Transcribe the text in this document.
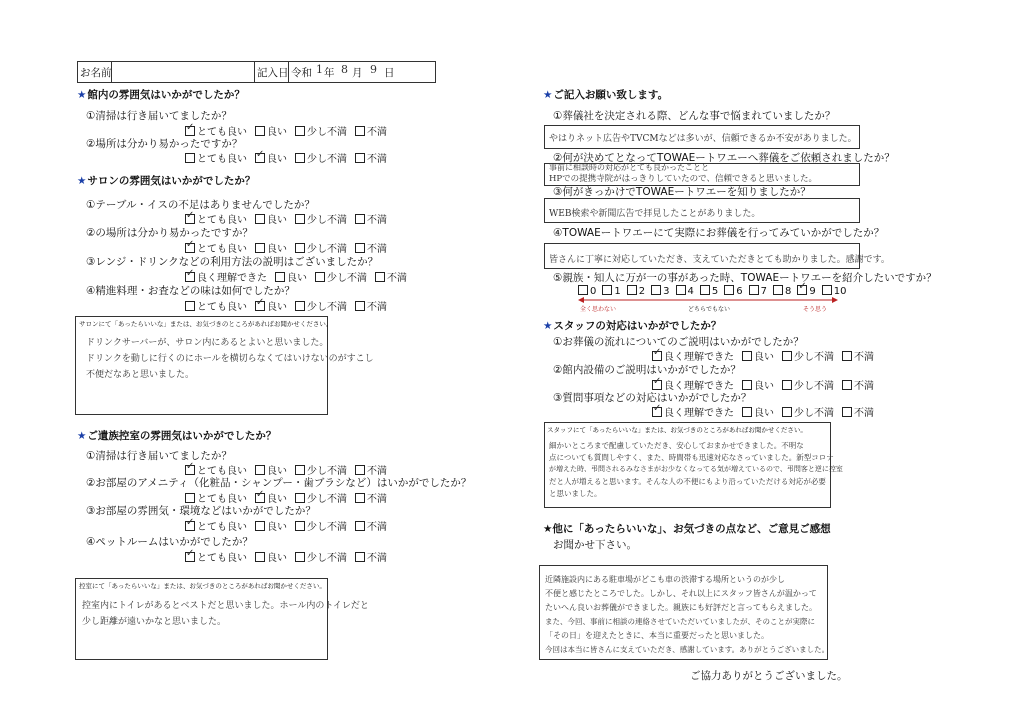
お名前	記入日 令和 1 年 8 月 9 日
★館内の雰囲気はいかがでしたか？
①清掃は行き届いてましたか？
✓とても良い 良い 少し不満 不満
②場所は分かり易かったですか？
とても良い ✓ 良い 少し不満 不満
★サロンの雰囲気はいかがでしたか？
①テーブル・イスの不足はありませんでしたか？
✓とても良い 良い 少し不満 不満
②の場所は分かり易かったですか？
✓とても良い 良い 少し不満 不満
③レンジ・ドリンクなどの利用方法の説明はございましたか？
✓良く理解できた 良い 少し不満 不満
④精進料理・お査などの味は如何でしたか？
とても良い ✓ 良い 少し不満 不満
サロンにて「あったらいいな」または、お気づきのところがあればお聞かせください。
ドリンクサーバーが、サロン内にあるとよいと思いました。
ドリンクを動しに行くのにホールを横切らなくてはいけないのがすこし
不便だなあと思いました。
★ご遺族控室の雰囲気はいかがでしたか？
①清掃は行き届いてましたか？
✓とても良い 良い 少し不満 不満
②お部屋のアメニティ（化粧品・シャンプー・歯ブラシなど）はいかがでしたか？
とても良い ✓ 良い 少し不満 不満
③お部屋の雰囲気・環境などはいかがでしたか？
✓とても良い 良い 少し不満 不満
④ペットルームはいかがでしたか？
✓とても良い 良い 少し不満 不満
控室にて「あったらいいな」または、お気づきのところがあればお聞かせください。
控室内にトイレがあるとベストだと思いました。ホール内のトイレだと
少し距離が遠いかなと思いました。
★ご記入お願い致します。
①葬儀社を決定される際、どんな事で悩まれていましたか？
やはりネット広告やTVCMなどは多いが、信頼できるか不安がありました。
②何が決めてとなってTOWAEートワエーへ葬儀をご依頼されましたか？
事前に相談時の対応がとても良かったことと
HPでの提携寺院がはっきりしていたので、信頼できると思いました。
③何がきっかけでTOWAEートワエーを知りましたか？
WEB検索や新聞広告で拝見したことがありました。
④TOWAEートワエーにて実際にお葬儀を行ってみていかがでしたか？
皆さんに丁寧に対応していただき、支えていただきとても助かりました。感謝です。
⑤親族・知人に万が一の事があった時、TOWAEートワエーを紹介したいですか？
0 1 2 3 4 5 6 7 8 ✓ 9 10
全く思わない	どちらでもない	そう思う
★スタッフの対応はいかがでしたか？
①お葬儀の流れについてのご説明はいかがでしたか？
✓良く理解できた 良い 少し不満 不満
②館内設備のご説明はいかがでしたか？
✓良く理解できた 良い 少し不満 不満
③質問事項などの対応はいかがでしたか？
✓良く理解できた 良い 少し不満 不満
スタッフにて「あったらいいな」または、お気づきのところがあればお聞かせください。
細かいところまで配慮していただき、安心しておまかせできました。不明な
点についても質問しやすく、また、時間帯も迅速対応なさっていました。新型コロナ
が増えた時、弔問されるみなさまがお少なくなってる気が増えているので、弔問客と逆に控室
だと人が増えると思います。そんな人の不便にもより沿っていただける対応が必要
と思いました。
★他に「あったらいいな」、お気づきの点など、ご意見ご感想
お聞かせ下さい。
近隣施設内にある駐車場がどこも車の渋滞する場所というのが少し
不便と感じたところでした。しかし、それ以上にスタッフ皆さんが温かって
たいへん良いお葬儀ができました。親族にも好評だと言ってもらえました。
また、今回、事前に相談の連絡させていただいていましたが、そのことが実際に
「その日」を迎えたときに、本当に重要だったと思いました。
今回は本当に皆さんに支えていただき、感謝しています。ありがとうございました。
ご協力ありがとうございました。
